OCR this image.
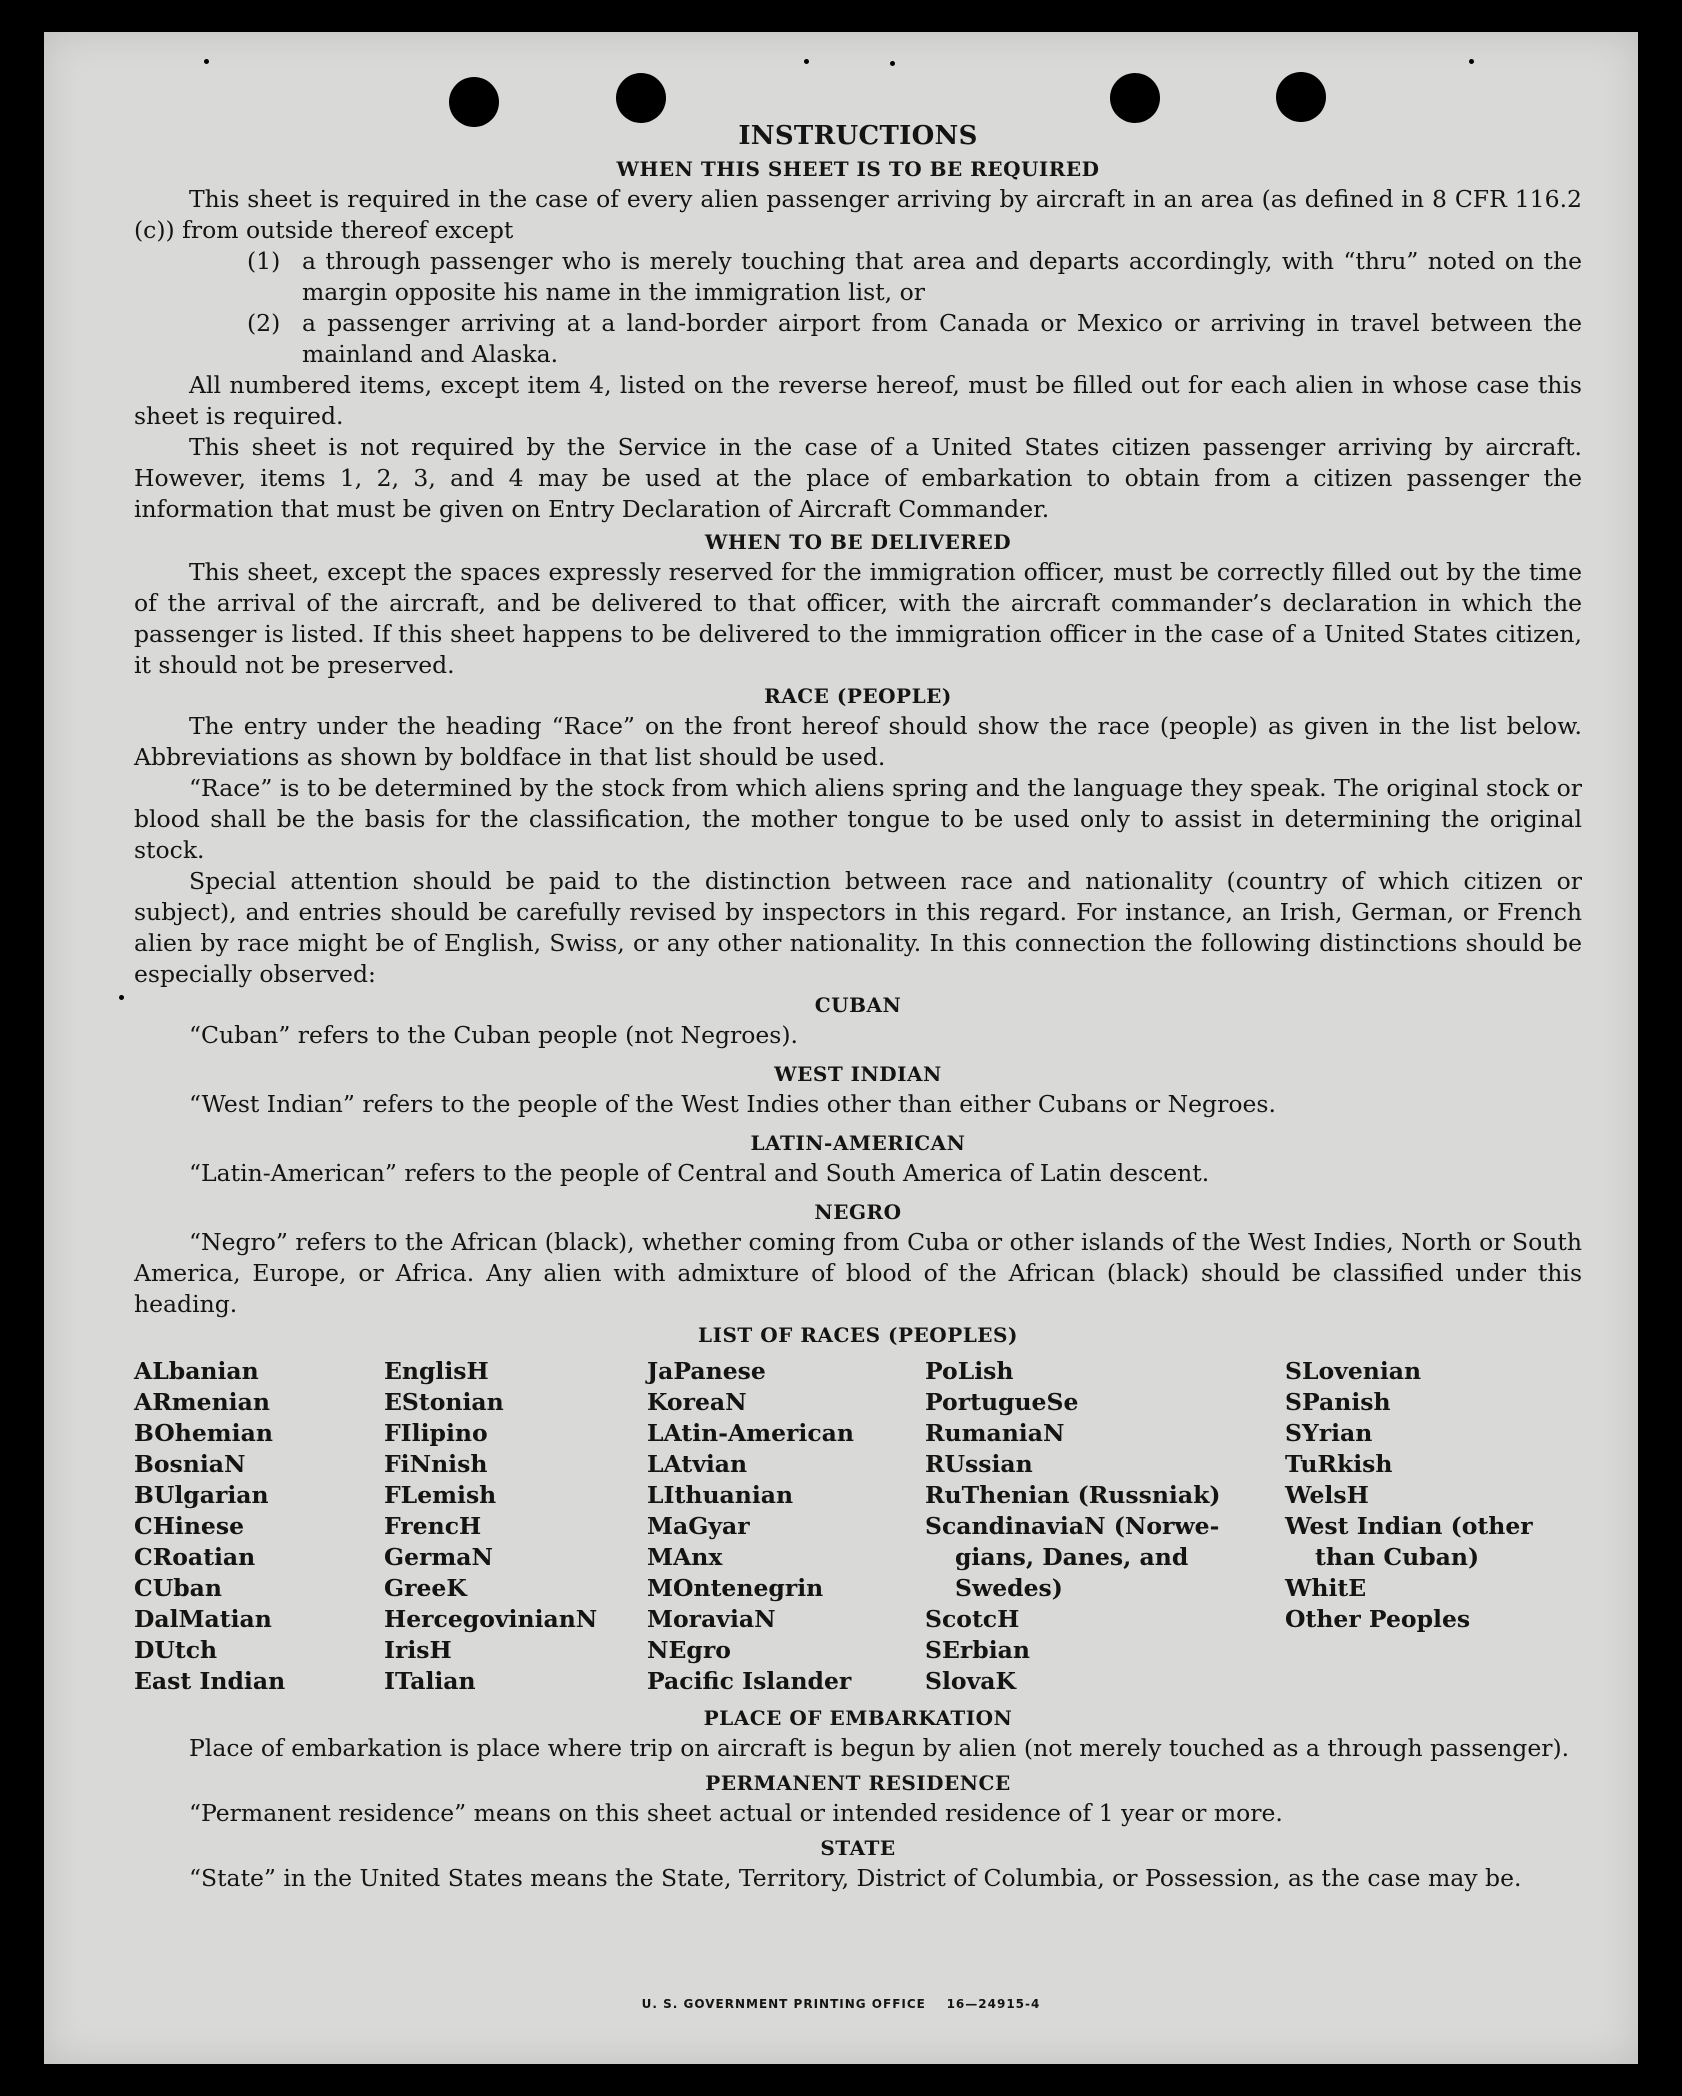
INSTRUCTIONS
WHEN THIS SHEET IS TO BE REQUIRED

This sheet is required in the case of every alien passenger arriving by aircraft in an area (as defined in 8 CFR 116.2 (c)) from outside thereof except

(1) a through passenger who is merely touching that area and departs accordingly, with “thru” noted on the margin opposite his name in the immigration list, or
(2) a passenger arriving at a land-border airport from Canada or Mexico or arriving in travel between the mainland and Alaska.

All numbered items, except item 4, listed on the reverse hereof, must be filled out for each alien in whose case this sheet is required.

This sheet is not required by the Service in the case of a United States citizen passenger arriving by aircraft. However, items 1, 2, 3, and 4 may be used at the place of embarkation to obtain from a citizen passenger the information that must be given on Entry Declaration of Aircraft Commander.

WHEN TO BE DELIVERED

This sheet, except the spaces expressly reserved for the immigration officer, must be correctly filled out by the time of the arrival of the aircraft, and be delivered to that officer, with the aircraft commander’s declaration in which the passenger is listed. If this sheet happens to be delivered to the immigration officer in the case of a United States citizen, it should not be preserved.

RACE (PEOPLE)

The entry under the heading “Race” on the front hereof should show the race (people) as given in the list below. Abbreviations as shown by boldface in that list should be used.

“Race” is to be determined by the stock from which aliens spring and the language they speak. The original stock or blood shall be the basis for the classification, the mother tongue to be used only to assist in determining the original stock.

Special attention should be paid to the distinction between race and nationality (country of which citizen or subject), and entries should be carefully revised by inspectors in this regard. For instance, an Irish, German, or French alien by race might be of English, Swiss, or any other nationality. In this connection the following distinctions should be especially observed:

CUBAN

“Cuban” refers to the Cuban people (not Negroes).

WEST INDIAN

“West Indian” refers to the people of the West Indies other than either Cubans or Negroes.

LATIN-AMERICAN

“Latin-American” refers to the people of Central and South America of Latin descent.

NEGRO

“Negro” refers to the African (black), whether coming from Cuba or other islands of the West Indies, North or South America, Europe, or Africa. Any alien with admixture of blood of the African (black) should be classified under this heading.

LIST OF RACES (PEOPLES)
ALbanian
ARmenian
BOhemian
BosniaN
BUlgarian
CHinese
CRoatian
CUban
DalMatian
DUtch
East Indian
EnglisH
EStonian
FIlipino
FiNnish
FLemish
FrencH
GermaN
GreeK
HercegovinianN
IrisH
ITalian
JaPanese
KoreaN
LAtin-American
LAtvian
LIthuanian
MaGyar
MAnx
MOntenegrin
MoraviaN
NEgro
Pacific Islander
PoLish
PortugueSe
RumaniaN
RUssian
RuThenian (Russniak)
ScandinaviaN (Norwe-
gians, Danes, and
Swedes)
ScotcH
SErbian
SlovaK
SLovenian
SPanish
SYrian
TuRkish
WelsH
West Indian (other
than Cuban)
WhitE
Other Peoples
PLACE OF EMBARKATION

Place of embarkation is place where trip on aircraft is begun by alien (not merely touched as a through passenger).

PERMANENT RESIDENCE

“Permanent residence” means on this sheet actual or intended residence of 1 year or more.

STATE

“State” in the United States means the State, Territory, District of Columbia, or Possession, as the case may be.

U. S. GOVERNMENT PRINTING OFFICE    16—24915-4
